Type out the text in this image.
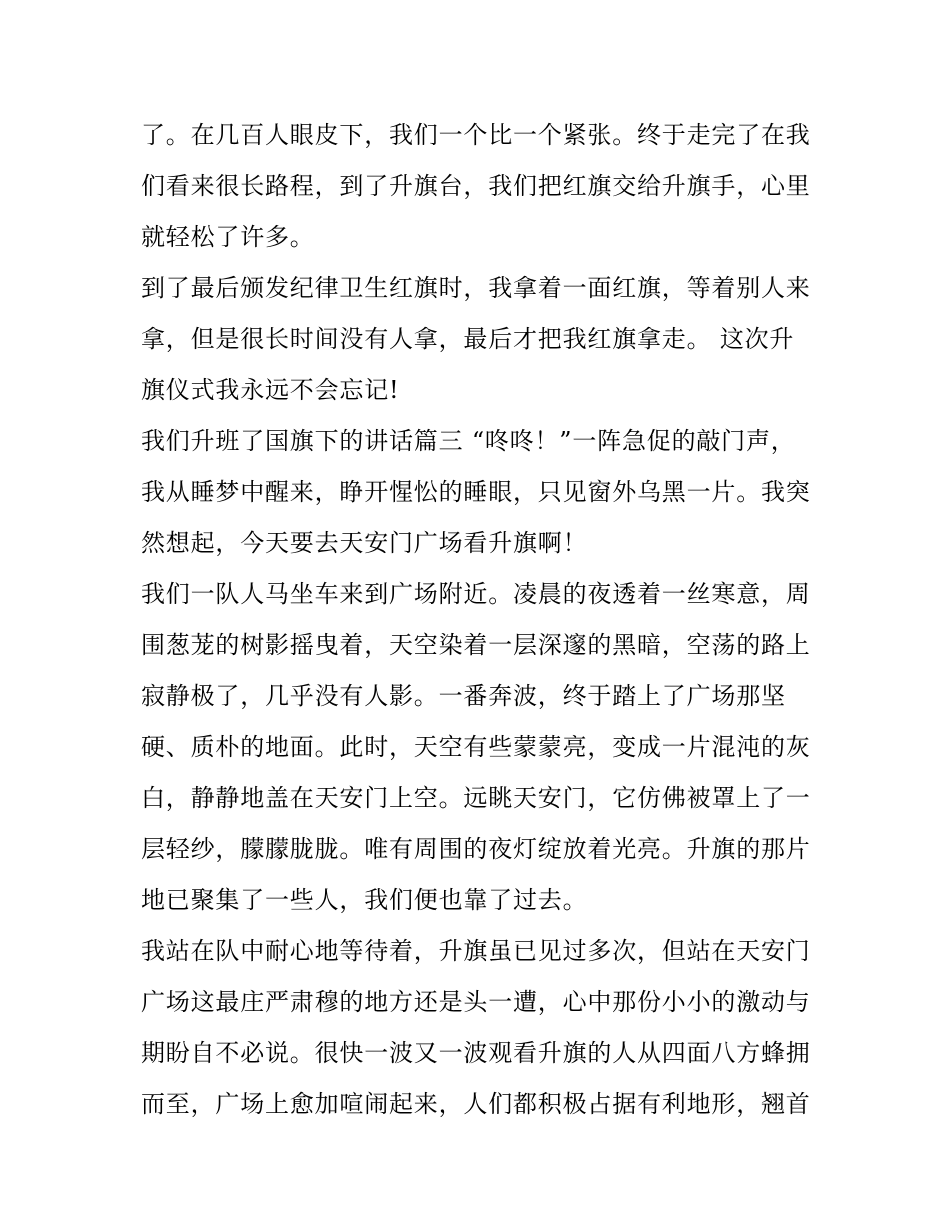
了。在几百人眼皮下，我们一个比一个紧张。终于走完了在我
们看来很长路程，到了升旗台，我们把红旗交给升旗手，心里
就轻松了许多。
到了最后颁发纪律卫生红旗时，我拿着一面红旗，等着别人来
拿，但是很长时间没有人拿，最后才把我红旗拿走。 这次升
旗仪式我永远不会忘记!
我们升班了国旗下的讲话篇三 “咚咚！”一阵急促的敲门声，
我从睡梦中醒来，睁开惺忪的睡眼，只见窗外乌黑一片。我突
然想起，今天要去天安门广场看升旗啊！
我们一队人马坐车来到广场附近。凌晨的夜透着一丝寒意，周
围葱茏的树影摇曳着，天空染着一层深邃的黑暗，空荡的路上
寂静极了，几乎没有人影。一番奔波，终于踏上了广场那坚
硬、质朴的地面。此时，天空有些蒙蒙亮，变成一片混沌的灰
白，静静地盖在天安门上空。远眺天安门，它仿佛被罩上了一
层轻纱，朦朦胧胧。唯有周围的夜灯绽放着光亮。升旗的那片
地已聚集了一些人，我们便也靠了过去。
我站在队中耐心地等待着，升旗虽已见过多次，但站在天安门
广场这最庄严肃穆的地方还是头一遭，心中那份小小的激动与
期盼自不必说。很快一波又一波观看升旗的人从四面八方蜂拥
而至，广场上愈加喧闹起来，人们都积极占据有利地形，翘首
